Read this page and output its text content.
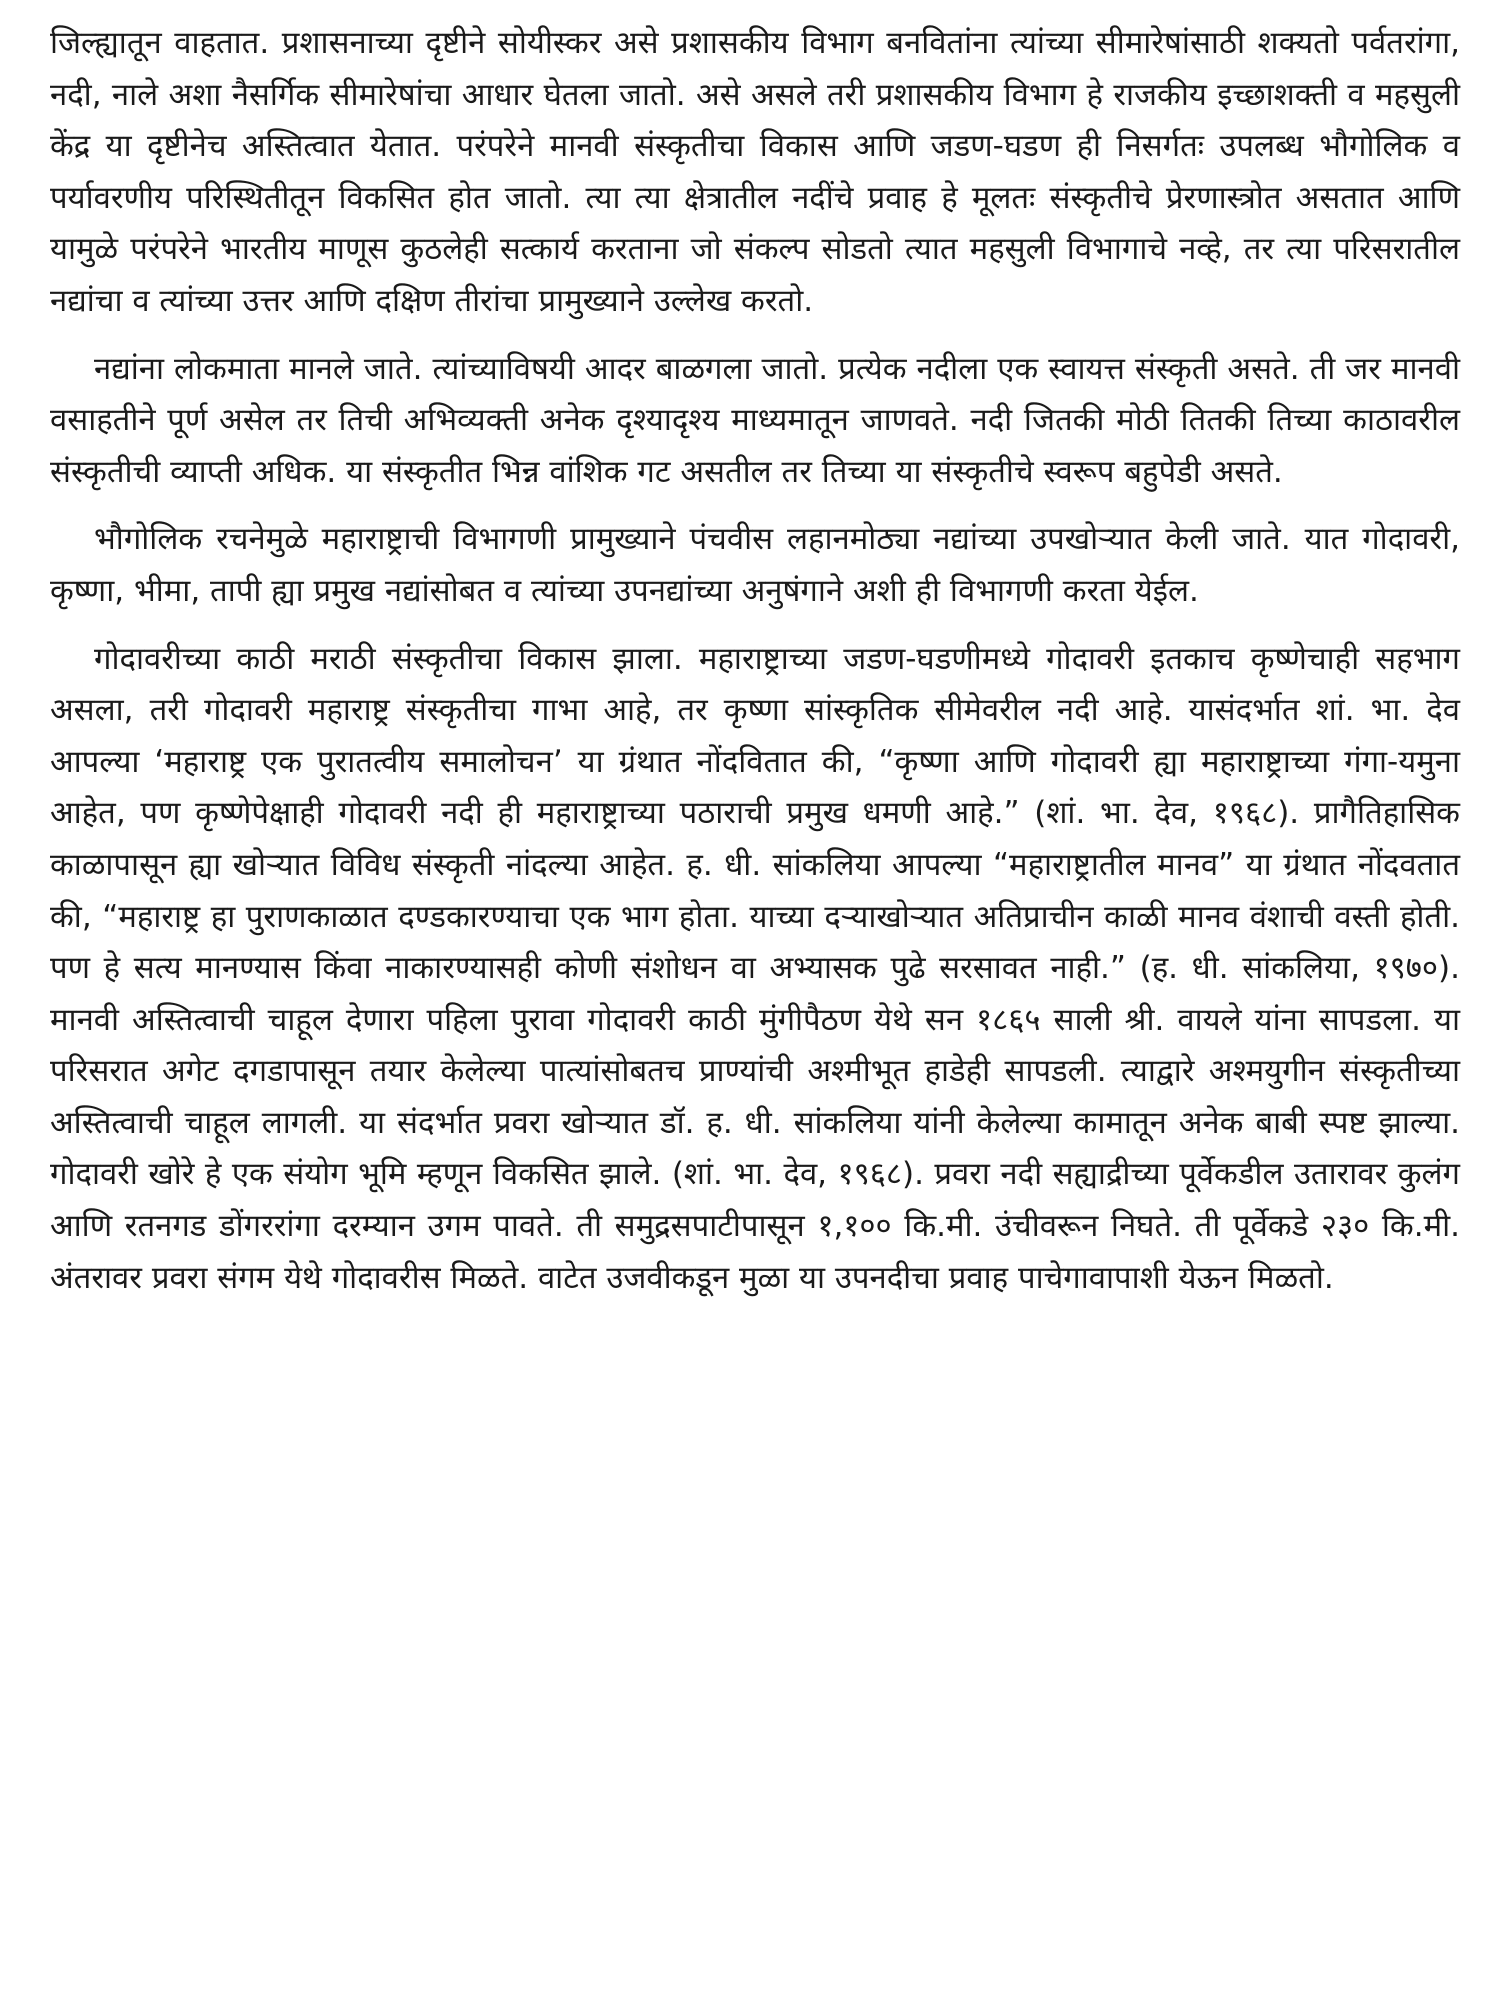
जिल्ह्यातून वाहतात. प्रशासनाच्या दृष्टीने सोयीस्कर असे प्रशासकीय विभाग बनवितांना त्यांच्या सीमारेषांसाठी शक्यतो पर्वतरांगा, नदी, नाले अशा नैसर्गिक सीमारेषांचा आधार घेतला जातो. असे असले तरी प्रशासकीय विभाग हे राजकीय इच्छाशक्ती व महसुली केंद्र या दृष्टीनेच अस्तित्वात येतात. परंपरेने मानवी संस्कृतीचा विकास आणि जडण-घडण ही निसर्गतः उपलब्ध भौगोलिक व पर्यावरणीय परिस्थितीतून विकसित होत जातो. त्या त्या क्षेत्रातील नदींचे प्रवाह हे मूलतः संस्कृतीचे प्रेरणास्त्रोत असतात आणि यामुळे परंपरेने भारतीय माणूस कुठलेही सत्कार्य करताना जो संकल्प सोडतो त्यात महसुली विभागाचे नव्हे, तर त्या परिसरातील नद्यांचा व त्यांच्या उत्तर आणि दक्षिण तीरांचा प्रामुख्याने उल्लेख करतो.

नद्यांना लोकमाता मानले जाते. त्यांच्याविषयी आदर बाळगला जातो. प्रत्येक नदीला एक स्वायत्त संस्कृती असते. ती जर मानवी वसाहतीने पूर्ण असेल तर तिची अभिव्यक्ती अनेक दृश्यादृश्य माध्यमातून जाणवते. नदी जितकी मोठी तितकी तिच्या काठावरील संस्कृतीची व्याप्ती अधिक. या संस्कृतीत भिन्न वांशिक गट असतील तर तिच्या या संस्कृतीचे स्वरूप बहुपेडी असते.

भौगोलिक रचनेमुळे महाराष्ट्राची विभागणी प्रामुख्याने पंचवीस लहानमोठ्या नद्यांच्या उपखोऱ्यात केली जाते. यात गोदावरी, कृष्णा, भीमा, तापी ह्या प्रमुख नद्यांसोबत व त्यांच्या उपनद्यांच्या अनुषंगाने अशी ही विभागणी करता येईल.

गोदावरीच्या काठी मराठी संस्कृतीचा विकास झाला. महाराष्ट्राच्या जडण-घडणीमध्ये गोदावरी इतकाच कृष्णेचाही सहभाग असला, तरी गोदावरी महाराष्ट्र संस्कृतीचा गाभा आहे, तर कृष्णा सांस्कृतिक सीमेवरील नदी आहे. यासंदर्भात शां. भा. देव आपल्या ‘महाराष्ट्र एक पुरातत्वीय समालोचन’ या ग्रंथात नोंदवितात की, “कृष्णा आणि गोदावरी ह्या महाराष्ट्राच्या गंगा-यमुना आहेत, पण कृष्णेपेक्षाही गोदावरी नदी ही महाराष्ट्राच्या पठाराची प्रमुख धमणी आहे.” (शां. भा. देव, १९६८). प्रागैतिहासिक काळापासून ह्या खोऱ्यात विविध संस्कृती नांदल्या आहेत. ह. धी. सांकलिया आपल्या “महाराष्ट्रातील मानव” या ग्रंथात नोंदवतात की, “महाराष्ट्र हा पुराणकाळात दण्डकारण्याचा एक भाग होता. याच्या दऱ्याखोऱ्यात अतिप्राचीन काळी मानव वंशाची वस्ती होती. पण हे सत्य मानण्यास किंवा नाकारण्यासही कोणी संशोधन वा अभ्यासक पुढे सरसावत नाही.” (ह. धी. सांकलिया, १९७०). मानवी अस्तित्वाची चाहूल देणारा पहिला पुरावा गोदावरी काठी मुंगीपैठण येथे सन १८६५ साली श्री. वायले यांना सापडला. या परिसरात अगेट दगडापासून तयार केलेल्या पात्यांसोबतच प्राण्यांची अश्मीभूत हाडेही सापडली. त्याद्वारे अश्मयुगीन संस्कृतीच्या अस्तित्वाची चाहूल लागली. या संदर्भात प्रवरा खोऱ्यात डॉ. ह. धी. सांकलिया यांनी केलेल्या कामातून अनेक बाबी स्पष्ट झाल्या. गोदावरी खोरे हे एक संयोग भूमि म्हणून विकसित झाले. (शां. भा. देव, १९६८). प्रवरा नदी सह्याद्रीच्या पूर्वेकडील उतारावर कुलंग आणि रतनगड डोंगररांगा दरम्यान उगम पावते. ती समुद्रसपाटीपासून १,१०० कि.मी. उंचीवरून निघते. ती पूर्वेकडे २३० कि.मी. अंतरावर प्रवरा संगम येथे गोदावरीस मिळते. वाटेत उजवीकडून मुळा या उपनदीचा प्रवाह पाचेगावापाशी येऊन मिळतो.
